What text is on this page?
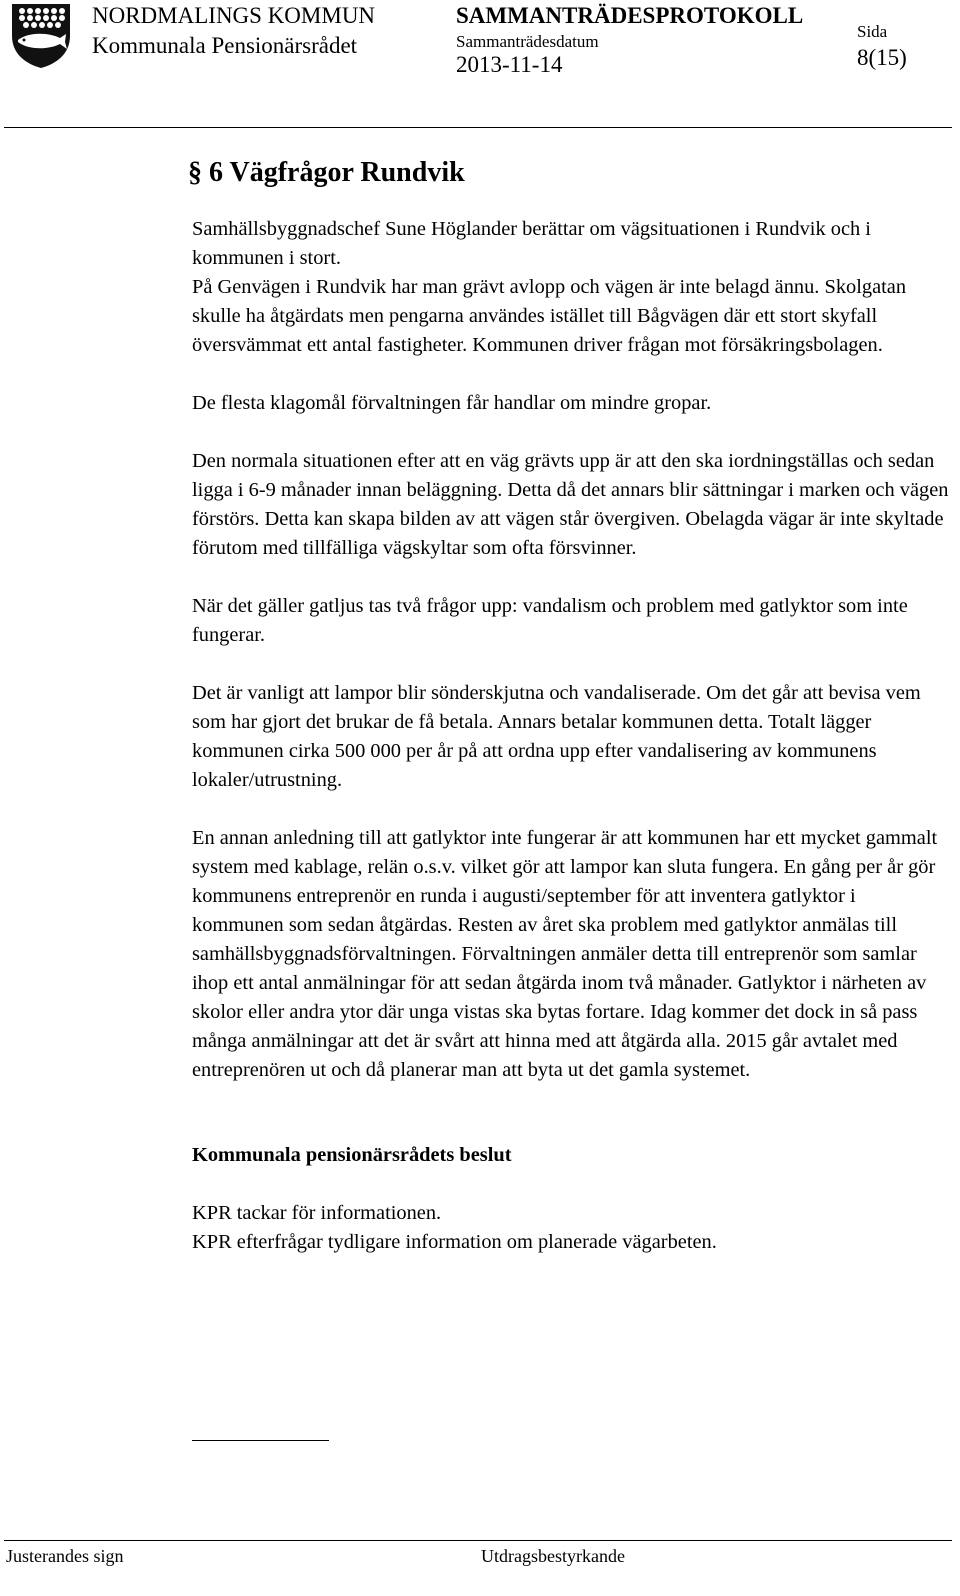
NORDMALINGS KOMMUN
Kommunala Pensionärsrådet
SAMMANTRÄDESPROTOKOLL
Sammanträdesdatum
2013-11-14
Sida
8(15)

§ 6 Vägfrågor Rundvik

Samhällsbyggnadschef Sune Höglander berättar om vägsituationen i Rundvik och i kommunen i stort.

På Genvägen i Rundvik har man grävt avlopp och vägen är inte belagd ännu. Skolgatan skulle ha åtgärdats men pengarna användes istället till Bågvägen där ett stort skyfall översvämmat ett antal fastigheter. Kommunen driver frågan mot försäkringsbolagen.

De flesta klagomål förvaltningen får handlar om mindre gropar.

Den normala situationen efter att en väg grävts upp är att den ska iordningställas och sedan ligga i 6-9 månader innan beläggning. Detta då det annars blir sättningar i marken och vägen förstörs. Detta kan skapa bilden av att vägen står övergiven. Obelagda vägar är inte skyltade förutom med tillfälliga vägskyltar som ofta försvinner.

När det gäller gatljus tas två frågor upp: vandalism och problem med gatlyktor som inte fungerar.

Det är vanligt att lampor blir sönderskjutna och vandaliserade. Om det går att bevisa vem som har gjort det brukar de få betala. Annars betalar kommunen detta. Totalt lägger kommunen cirka 500 000 per år på att ordna upp efter vandalisering av kommunens lokaler/utrustning.

En annan anledning till att gatlyktor inte fungerar är att kommunen har ett mycket gammalt system med kablage, relän o.s.v. vilket gör att lampor kan sluta fungera. En gång per år gör kommunens entreprenör en runda i augusti/september för att inventera gatlyktor i kommunen som sedan åtgärdas. Resten av året ska problem med gatlyktor anmälas till samhällsbyggnadsförvaltningen. Förvaltningen anmäler detta till entreprenör som samlar ihop ett antal anmälningar för att sedan åtgärda inom två månader. Gatlyktor i närheten av skolor eller andra ytor där unga vistas ska bytas fortare. Idag kommer det dock in så pass många anmälningar att det är svårt att hinna med att åtgärda alla. 2015 går avtalet med entreprenören ut och då planerar man att byta ut det gamla systemet.

Kommunala pensionärsrådets beslut

KPR tackar för informationen.

KPR efterfrågar tydligare information om planerade vägarbeten.

Justerandes sign	Utdragsbestyrkande
